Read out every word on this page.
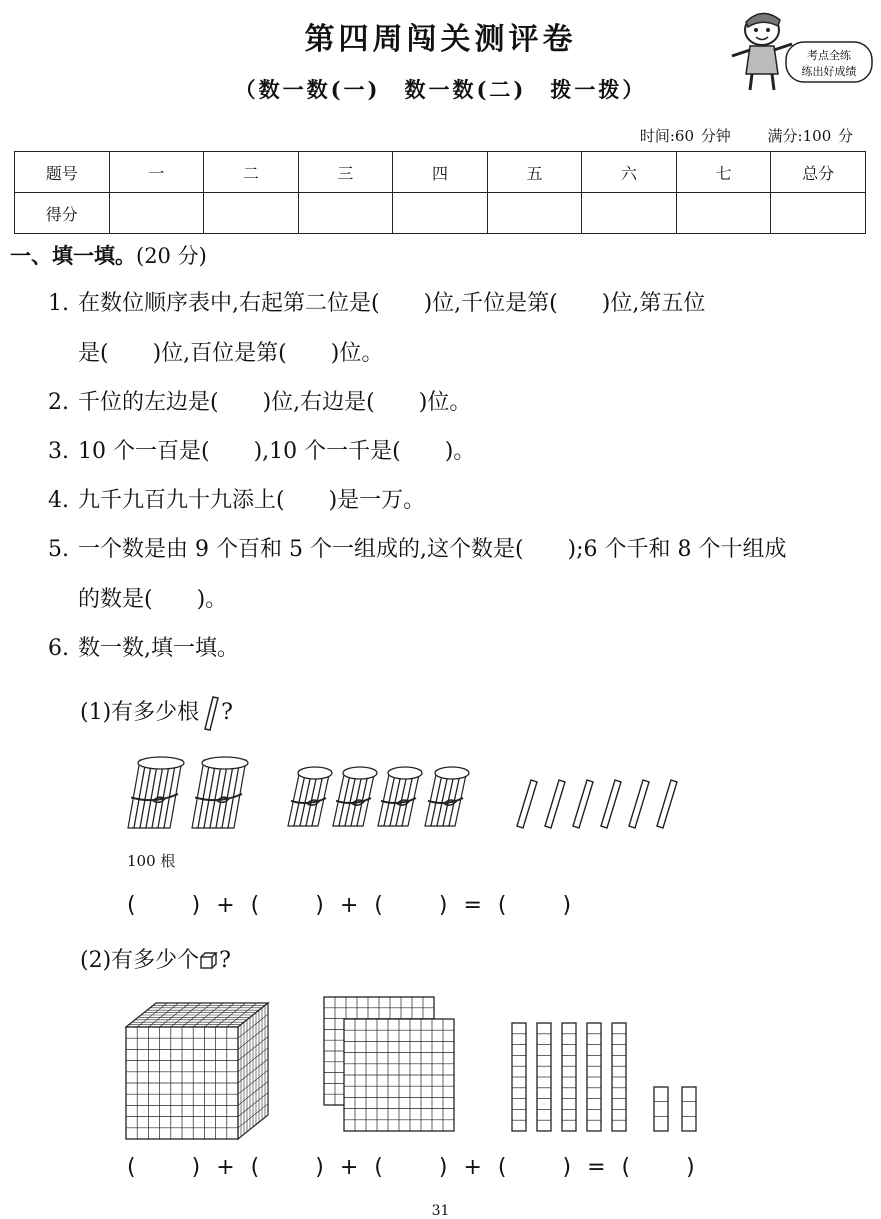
第四周闯关测评卷
（数一数(一)　数一数(二)　拨一拨）
考点全练
练出好成绩
时间:60 分钟 满分:100 分
题号	一	二	三	四	五	六	七	总分
得分								
一、填一填。(20 分)
1. 在数位顺序表中,右起第二位是(　　)位,千位是第(　　)位,第五位
是(　　)位,百位是第(　　)位。
2. 千位的左边是(　　)位,右边是(　　)位。
3. 10 个一百是(　　),10 个一千是(　　)。
4. 九千九百九十九添上(　　)是一万。
5. 一个数是由 9 个百和 5 个一组成的,这个数是(　　);6 个千和 8 个十组成
的数是(　　)。
6. 数一数,填一填。
(1)有多少根 ?
100 根
(	) + (	) + (	) = (	)
(2)有多少个 ?
(	) + (	) + (	) + (	) = (	)
31
